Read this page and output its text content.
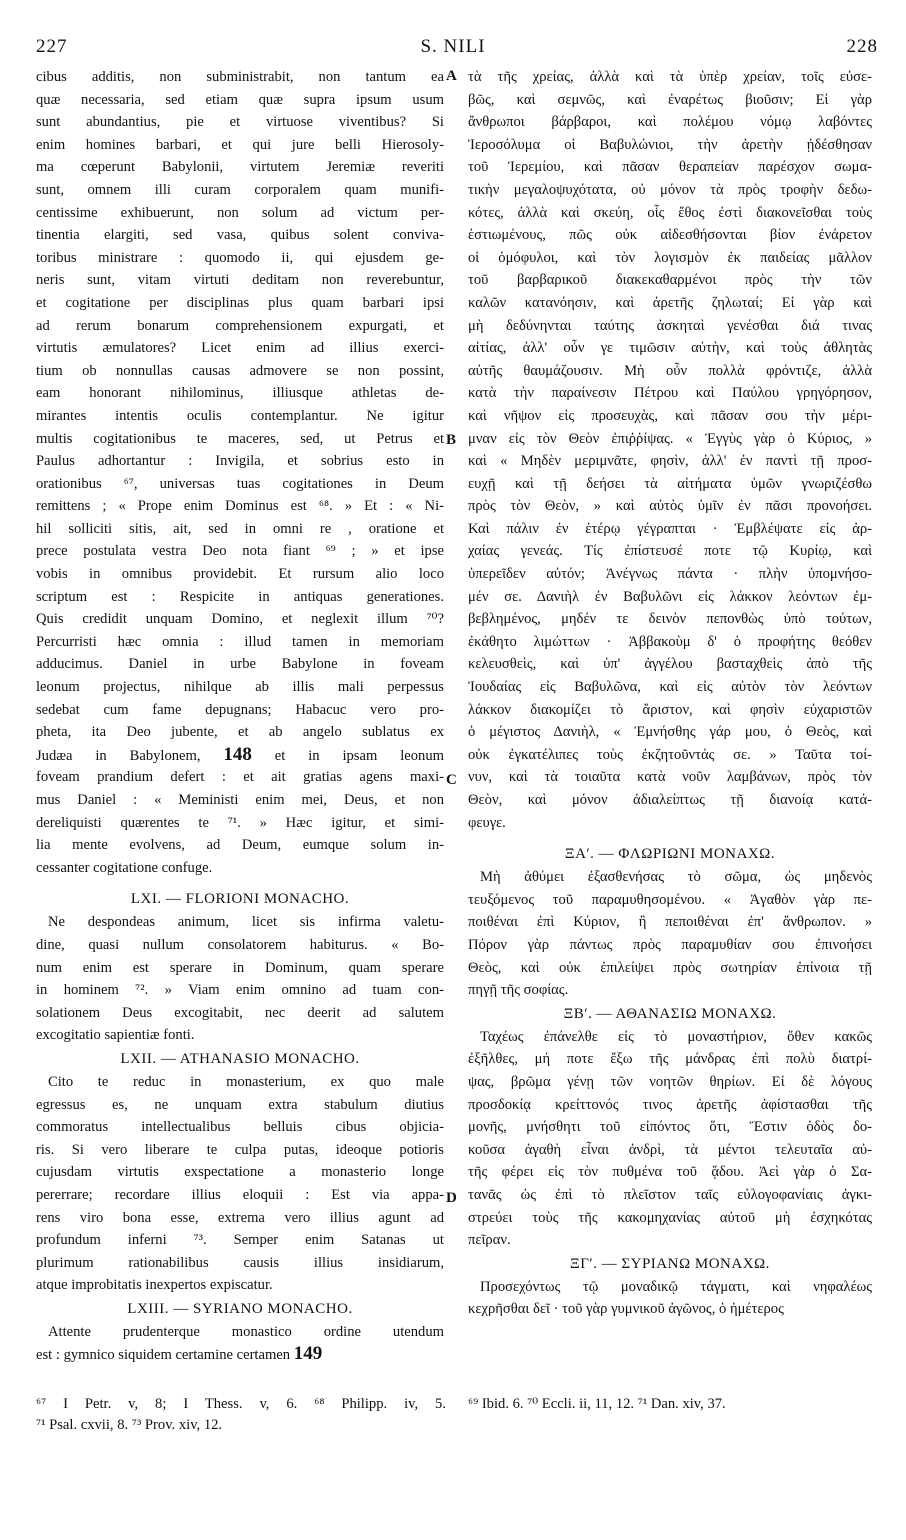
227	S. NILI	228
cibus additis, non subministrabit, non tantum ea
quæ necessaria, sed etiam quæ supra ipsum usum
sunt abundantius, pie et virtuose viventibus? Si
enim homines barbari, et qui jure belli Hierosoly-
ma cœperunt Babylonii, virtutem Jeremiæ reveriti
sunt, omnem illi curam corporalem quam munifi-
centissime exhibuerunt, non solum ad victum per-
tinentia elargiti, sed vasa, quibus solent conviva-
toribus ministrare : quomodo ii, qui ejusdem ge-
neris sunt, vitam virtuti deditam non reverebuntur,
et cogitatione per disciplinas plus quam barbari ipsi
ad rerum bonarum comprehensionem expurgati, et
virtutis æmulatores? Licet enim ad illius exerci-
tium ob nonnullas causas admovere se non possint,
eam honorant nihilominus, illiusque athletas de-
mirantes intentis oculis contemplantur. Ne igitur
multis cogitationibus te maceres, sed, ut Petrus et
Paulus adhortantur : Invigila, et sobrius esto in
orationibus ⁶⁷, universas tuas cogitationes in Deum
remittens ; « Prope enim Dominus est ⁶⁸. » Et : « Ni-
hil solliciti sitis, ait, sed in omni re , oratione et
prece postulata vestra Deo nota fiant ⁶⁹ ; » et ipse
vobis in omnibus providebit. Et rursum alio loco
scriptum est : Respicite in antiquas generationes.
Quis credidit unquam Domino, et neglexit illum ⁷⁰?
Percurristi hæc omnia : illud tamen in memoriam
adducimus. Daniel in urbe Babylone in foveam
leonum projectus, nihilque ab illis mali perpessus
sedebat cum fame depugnans; Habacuc vero pro-
pheta, ita Deo jubente, et ab angelo sublatus ex
Judæa in Babylonem, 148 et in ipsam leonum
foveam prandium defert : et ait gratias agens maxi-
mus Daniel : « Meministi enim mei, Deus, et non
dereliquisti quærentes te ⁷¹. » Hæc igitur, et simi-
lia mente evolvens, ad Deum, eumque solum in-
cessanter cogitatione confuge.
LXI. — FLORIONI MONACHO.
Ne despondeas animum, licet sis infirma valetu-
dine, quasi nullum consolatorem habiturus. « Bo-
num enim est sperare in Dominum, quam sperare
in hominem ⁷². » Viam enim omnino ad tuam con-
solationem Deus excogitabit, nec deerit ad salutem
excogitatio sapientiæ fonti.
LXII. — ATHANASIO MONACHO.
Cito te reduc in monasterium, ex quo male
egressus es, ne unquam extra stabulum diutius
commoratus intellectualibus belluis cibus objicia-
ris. Si vero liberare te culpa putas, ideoque potioris
cujusdam virtutis exspectatione a monasterio longe
pererrare; recordare illius eloquii : Est via appa-
rens viro bona esse, extrema vero illius agunt ad
profundum inferni ⁷³. Semper enim Satanas ut
plurimum rationabilibus causis illius insidiarum,
atque improbitatis inexpertos expiscatur.
LXIII. — SYRIANO MONACHO.
Attente prudenterque monastico ordine utendum
est : gymnico siquidem certamine certamen 149
τὰ τῆς χρείας, ἀλλὰ καὶ τὰ ὑπὲρ χρείαν, τοῖς εὐσε-
βῶς, καὶ σεμνῶς, καὶ ἐναρέτως βιοῦσιν; Εἰ γὰρ
ἄνθρωποι βάρβαροι, καὶ πολέμου νόμῳ λαβόντες
Ἱεροσόλυμα οἱ Βαβυλώνιοι, τὴν ἀρετὴν ᾐδέσθησαν
τοῦ Ἱερεμίου, καὶ πᾶσαν θεραπείαν παρέσχον σωμα-
τικὴν μεγαλοψυχότατα, οὐ μόνον τὰ πρὸς τροφὴν δεδω-
κότες, ἀλλὰ καὶ σκεύη, οἷς ἔθος ἐστὶ διακονεῖσθαι τοὺς
ἑστιωμένους, πῶς οὐκ αἰδεσθήσονται βίον ἐνάρετον
οἱ ὁμόφυλοι, καὶ τὸν λογισμὸν ἐκ παιδείας μᾶλλον
τοῦ βαρβαρικοῦ διακεκαθαρμένοι πρὸς τὴν τῶν
καλῶν κατανόησιν, καὶ ἀρετῆς ζηλωταί; Εἰ γὰρ καὶ
μὴ δεδύνηνται ταύτης ἀσκηταὶ γενέσθαι διά τινας
αἰτίας, ἀλλ' οὖν γε τιμῶσιν αὐτὴν, καὶ τοὺς ἀθλητὰς
αὐτῆς θαυμάζουσιν. Μὴ οὖν πολλὰ φρόντιζε, ἀλλὰ
κατὰ τὴν παραίνεσιν Πέτρου καὶ Παύλου γρηγόρησον,
καὶ νῆψον εἰς προσευχὰς, καὶ πᾶσαν σου τὴν μέρι-
μναν εἰς τὸν Θεὸν ἐπιῤῥίψας. « Ἐγγὺς γὰρ ὁ Κύριος, »
καὶ « Μηδὲν μεριμνᾶτε, φησὶν, ἀλλ' ἐν παντὶ τῇ προσ-
ευχῇ καὶ τῇ δεήσει τὰ αἰτήματα ὑμῶν γνωριζέσθω
πρὸς τὸν Θεὸν, » καὶ αὐτὸς ὑμῖν ἐν πᾶσι προνοήσει.
Καὶ πάλιν ἐν ἑτέρῳ γέγραπται · Ἐμβλέψατε εἰς ἀρ-
χαίας γενεάς. Τίς ἐπίστευσέ ποτε τῷ Κυρίῳ, καὶ
ὑπερεῖδεν αὐτόν; Ἀνέγνως πάντα · πλὴν ὑπομνήσο-
μέν σε. Δανιὴλ ἐν Βαβυλῶνι εἰς λάκκον λεόντων ἐμ-
βεβλημένος, μηδέν τε δεινὸν πεπονθὼς ὑπὸ τούτων,
ἐκάθητο λιμώττων · Ἀββακοὺμ δ' ὁ προφήτης θεόθεν
κελευσθεὶς, καὶ ὑπ' ἀγγέλου βασταχθεὶς ἀπὸ τῆς
Ἰουδαίας εἰς Βαβυλῶνα, καὶ εἰς αὐτὸν τὸν λεόντων
λάκκον διακομίζει τὸ ἄριστον, καὶ φησὶν εὐχαριστῶν
ὁ μέγιστος Δανιὴλ, « Ἐμνήσθης γάρ μου, ὁ Θεὸς, καὶ
οὐκ ἐγκατέλιπες τοὺς ἐκζητοῦντάς σε. » Ταῦτα τοί-
νυν, καὶ τὰ τοιαῦτα κατὰ νοῦν λαμβάνων, πρὸς τὸν
Θεὸν, καὶ μόνον ἀδιαλείπτως τῇ διανοίᾳ κατά-
φευγε.
ΞΑʹ. — ΦΛΩΡΙΩΝΙ ΜΟΝΑΧΩ.
Μὴ ἀθύμει ἐξασθενήσας τὸ σῶμα, ὡς μηδενὸς
τευξόμενος τοῦ παραμυθησομένου. « Ἀγαθὸν γὰρ πε-
ποιθέναι ἐπὶ Κύριον, ἢ πεποιθέναι ἐπ' ἄνθρωπον. »
Πόρον γὰρ πάντως πρὸς παραμυθίαν σου ἐπινοήσει
Θεὸς, καὶ οὐκ ἐπιλείψει πρὸς σωτηρίαν ἐπίνοια τῇ
πηγῇ τῆς σοφίας.
ΞΒʹ. — ΑΘΑΝΑΣΙΩ ΜΟΝΑΧΩ.
Ταχέως ἐπάνελθε εἰς τὸ μοναστήριον, ὅθεν κακῶς
ἐξῆλθες, μή ποτε ἔξω τῆς μάνδρας ἐπὶ πολὺ διατρί-
ψας, βρῶμα γένῃ τῶν νοητῶν θηρίων. Εἰ δὲ λόγους
προσδοκίᾳ κρείττονός τινος ἀρετῆς ἀφίστασθαι τῆς
μονῆς, μνήσθητι τοῦ εἰπόντος ὅτι, Ἔστιν ὁδὸς δο-
κοῦσα ἀγαθὴ εἶναι ἀνδρὶ, τὰ μέντοι τελευταῖα αὐ-
τῆς φέρει εἰς τὸν πυθμένα τοῦ ᾅδου. Ἀεὶ γὰρ ὁ Σα-
τανᾶς ὡς ἐπὶ τὸ πλεῖστον ταῖς εὐλογοφανίαις ἀγκι-
στρεύει τοὺς τῆς κακομηχανίας αὐτοῦ μὴ ἐσχηκότας
πεῖραν.
ΞΓʹ. — ΣΥΡΙΑΝΩ ΜΟΝΑΧΩ.
Προσεχόντως τῷ μοναδικῷ τάγματι, καὶ νηφαλέως
κεχρῆσθαι δεῖ · τοῦ γὰρ γυμνικοῦ ἀγῶνος, ὁ ἡμέτερος
A
B
C
D
⁶⁷ I Petr. v, 8; I Thess. v, 6. ⁶⁸ Philipp. iv, 5.
⁷¹ Psal. cxvii, 8. ⁷³ Prov. xiv, 12.
⁶⁹ Ibid. 6. ⁷⁰ Eccli. ii, 11, 12. ⁷¹ Dan. xiv, 37.
